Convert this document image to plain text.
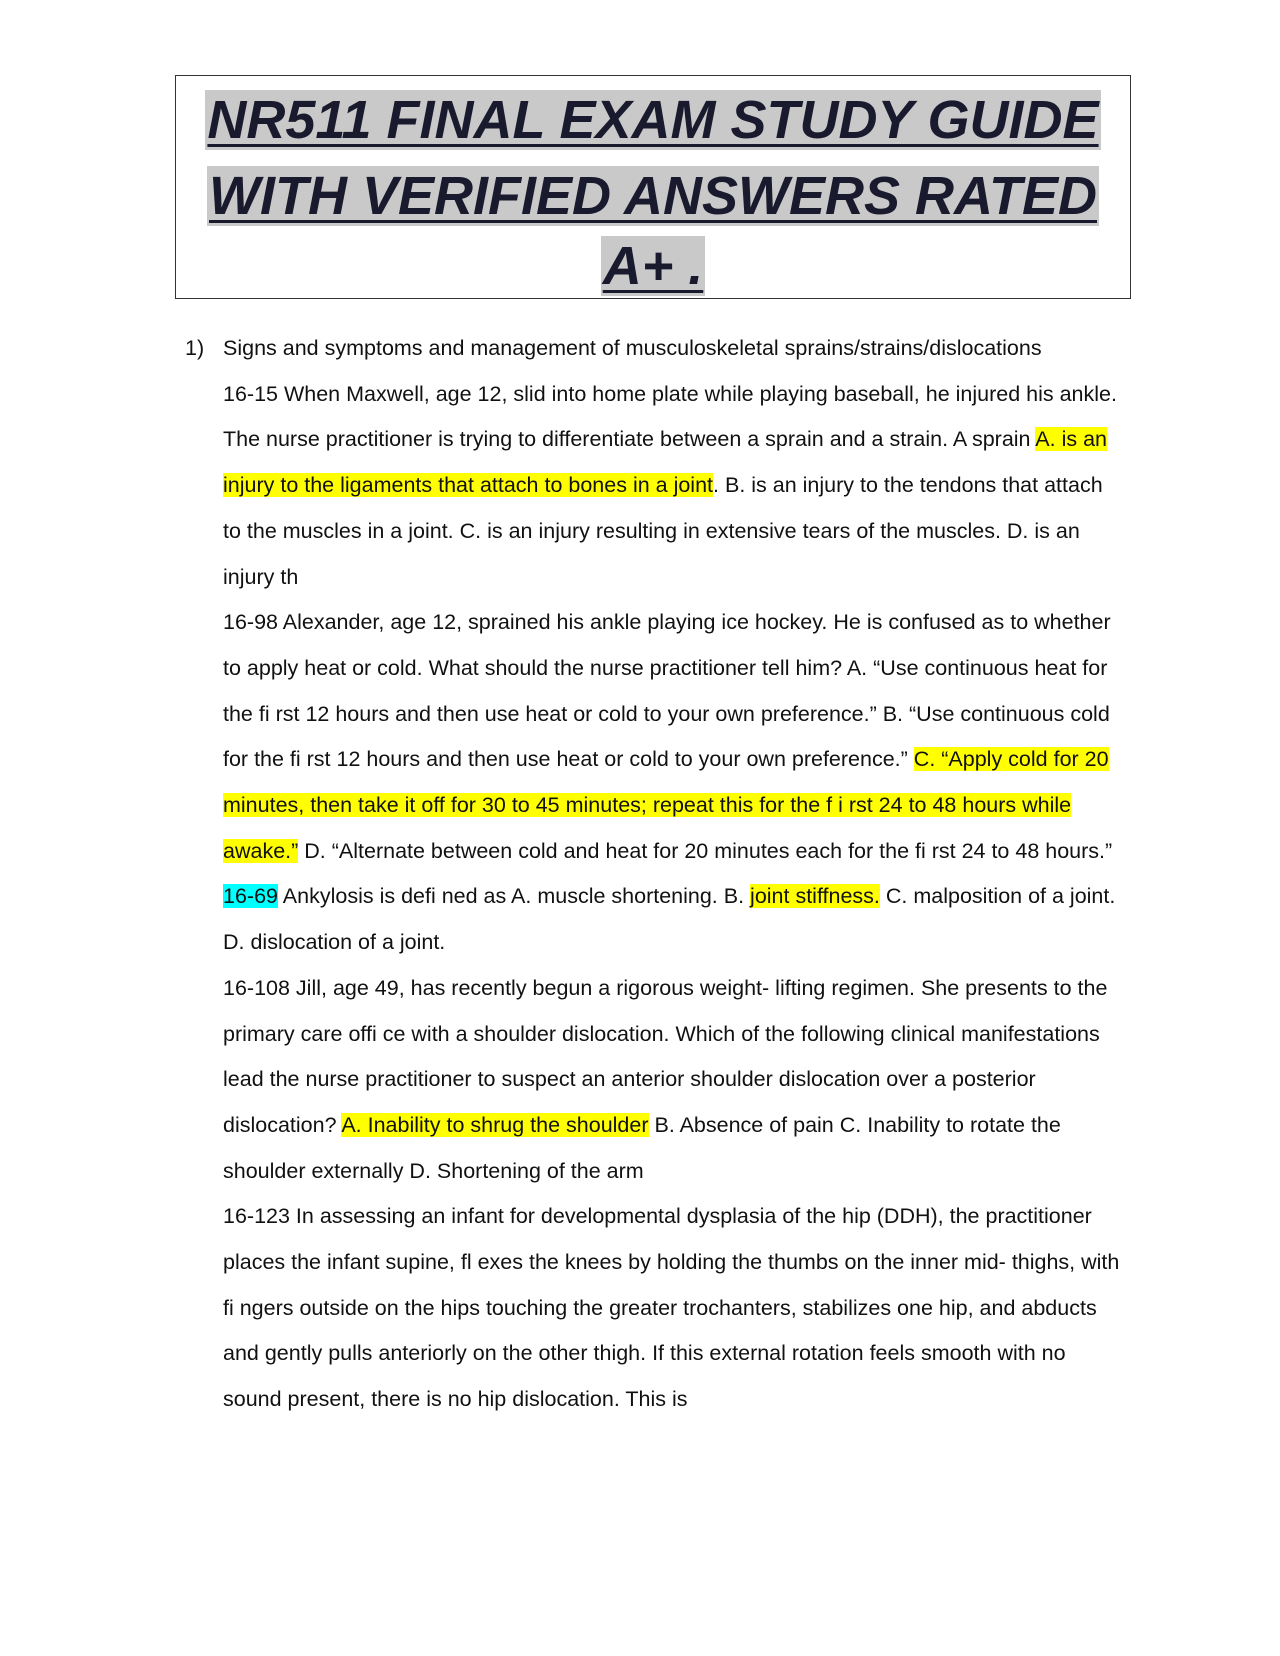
NR511 FINAL EXAM STUDY GUIDE
WITH VERIFIED ANSWERS RATED
A+ .
1) Signs and symptoms and management of musculoskeletal sprains/strains/dislocations

16-15 When Maxwell, age 12, slid into home plate while playing baseball, he injured his ankle. The nurse practitioner is trying to differentiate between a sprain and a strain. A sprain A. is an injury to the ligaments that attach to bones in a joint. B. is an injury to the tendons that attach to the muscles in a joint. C. is an injury resulting in extensive tears of the muscles. D. is an injury th

16-98 Alexander, age 12, sprained his ankle playing ice hockey. He is confused as to whether to apply heat or cold. What should the nurse practitioner tell him? A. “Use continuous heat for the fi rst 12 hours and then use heat or cold to your own preference.” B. “Use continuous cold for the fi rst 12 hours and then use heat or cold to your own preference.” C. “Apply cold for 20 minutes, then take it off for 30 to 45 minutes; repeat this for the f i rst 24 to 48 hours while awake.” D. “Alternate between cold and heat for 20 minutes each for the fi rst 24 to 48 hours.”

16-69 Ankylosis is defi ned as A. muscle shortening. B. joint stiffness. C. malposition of a joint. D. dislocation of a joint.

16-108 Jill, age 49, has recently begun a rigorous weight- lifting regimen. She presents to the primary care offi ce with a shoulder dislocation. Which of the following clinical manifestations lead the nurse practitioner to suspect an anterior shoulder dislocation over a posterior dislocation? A. Inability to shrug the shoulder B. Absence of pain C. Inability to rotate the shoulder externally D. Shortening of the arm

16-123 In assessing an infant for developmental dysplasia of the hip (DDH), the practitioner places the infant supine, fl exes the knees by holding the thumbs on the inner mid- thighs, with fi ngers outside on the hips touching the greater trochanters, stabilizes one hip, and abducts and gently pulls anteriorly on the other thigh. If this external rotation feels smooth with no sound present, there is no hip dislocation. This is
